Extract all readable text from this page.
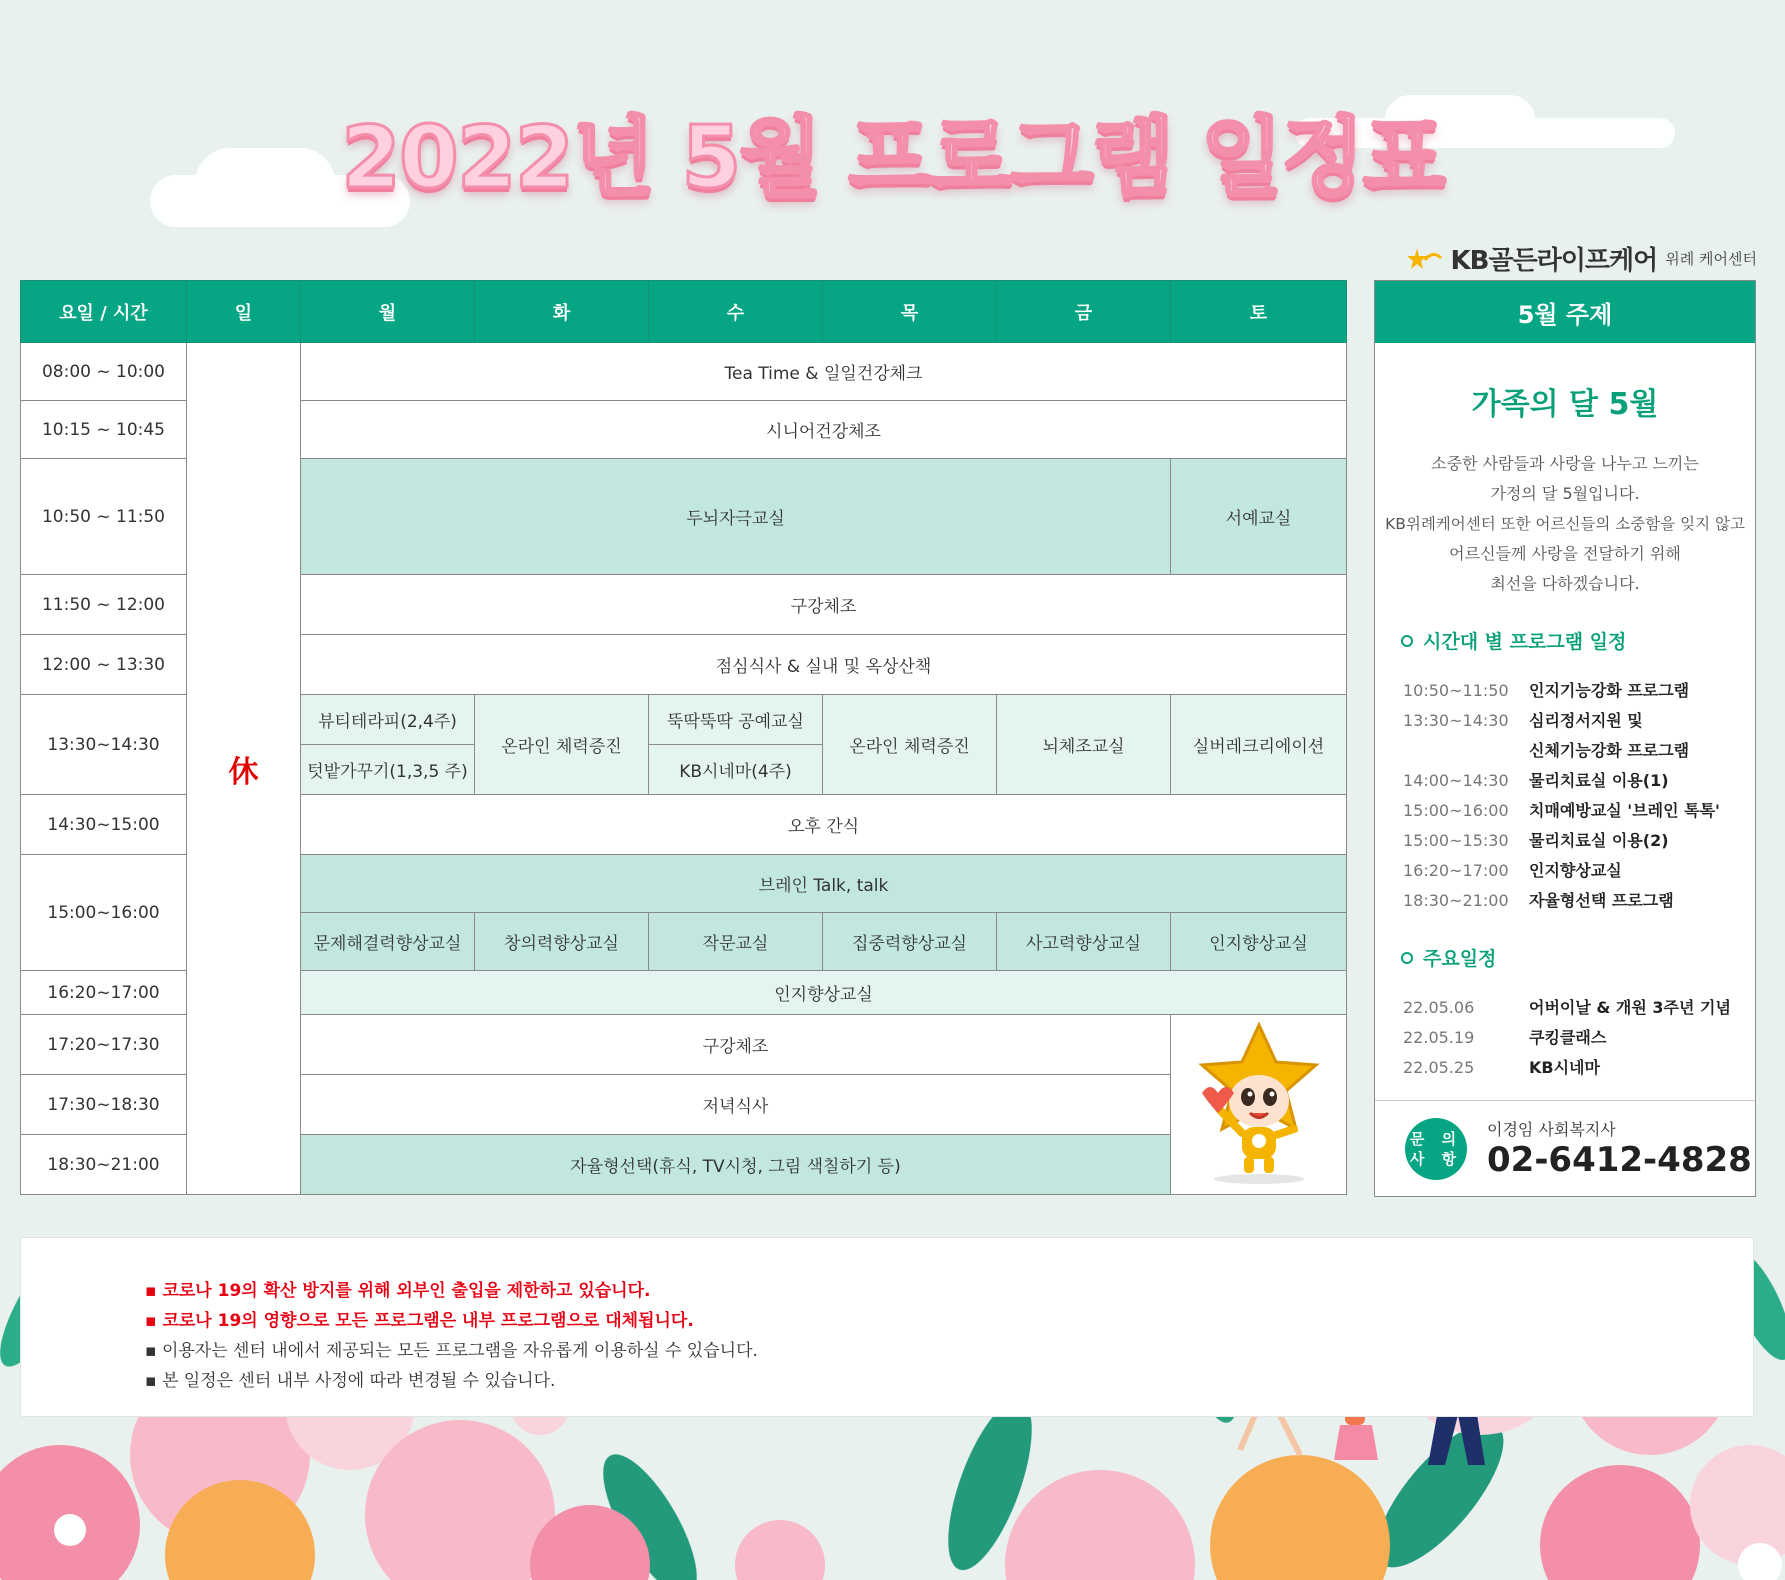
2022년 5월 프로그램 일정표
KB골든라이프케어 위례 케어센터
요일 / 시간	일	월	화	수	목	금	토
08:00 ~ 10:00	休	Tea Time & 일일건강체크					
10:15 ~ 10:45		시니어건강체조					
10:50 ~ 11:50		두뇌자극교실					서예교실
11:50 ~ 12:00		구강체조					
12:00 ~ 13:30		점심식사 & 실내 및 옥상산책					
13:30~14:30		뷰티테라피(2,4주)	온라인 체력증진	뚝딱뚝딱 공예교실	온라인 체력증진	뇌체조교실	실버레크리에이션
		텃밭가꾸기(1,3,5 주)		KB시네마(4주)			
14:30~15:00		오후 간식					
15:00~16:00		브레인 Talk, talk					
		문제해결력향상교실	창의력향상교실	작문교실	집중력향상교실	사고력향상교실	인지향상교실
16:20~17:00		인지향상교실					
17:20~17:30		구강체조	
17:30~18:30		저녁식사					
18:30~21:00		자율형선택(휴식, TV시청, 그림 색칠하기 등)					
5월 주제
가족의 달 5월
소중한 사람들과 사랑을 나누고 느끼는
가정의 달 5월입니다.
KB위례케어센터 또한 어르신들의 소중함을 잊지 않고
어르신들께 사랑을 전달하기 위해
최선을 다하겠습니다.
시간대 별 프로그램 일정
10:50~11:50	인지기능강화 프로그램
13:30~14:30	심리정서지원 및
신체기능강화 프로그램
14:00~14:30	물리치료실 이용(1)
15:00~16:00	치매예방교실 '브레인 톡톡'
15:00~15:30	물리치료실 이용(2)
16:20~17:00	인지향상교실
18:30~21:00	자율형선택 프로그램
주요일정
22.05.06	어버이날 & 개원 3주년 기념
22.05.19	쿠킹클래스
22.05.25	KB시네마
문 의
사 항
이경임 사회복지사
02-6412-4828
▪ 코로나 19의 확산 방지를 위해 외부인 출입을 제한하고 있습니다.
▪ 코로나 19의 영향으로 모든 프로그램은 내부 프로그램으로 대체됩니다.
▪ 이용자는 센터 내에서 제공되는 모든 프로그램을 자유롭게 이용하실 수 있습니다.
▪ 본 일정은 센터 내부 사정에 따라 변경될 수 있습니다.
